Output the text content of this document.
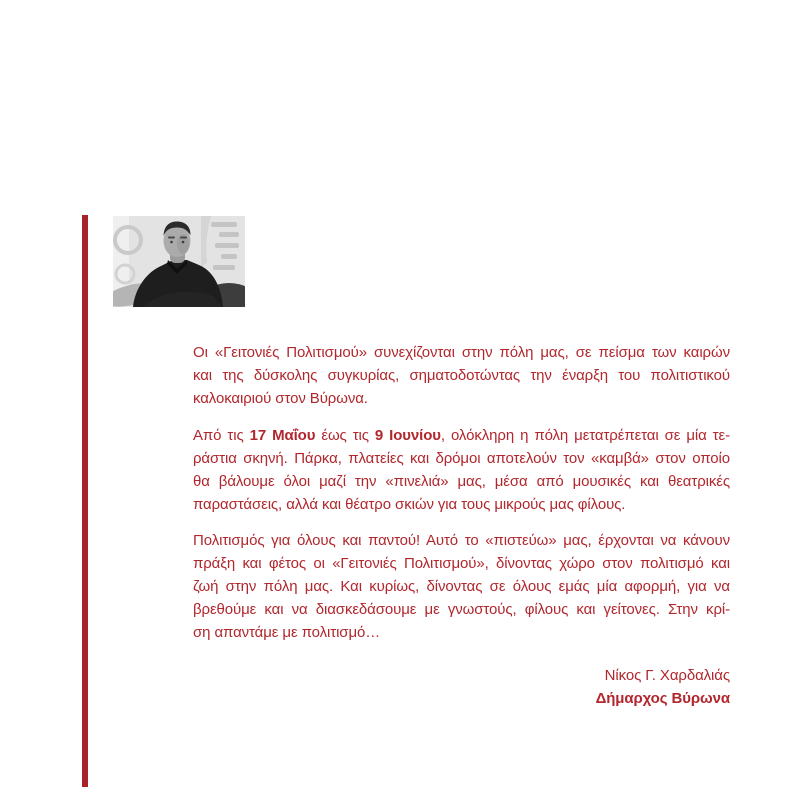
Οι «Γειτονιές Πολιτισμού» συνεχίζονται στην πόλη μας, σε πείσμα των καιρών
και της δύσκολης συγκυρίας, σηματοδοτώντας την έναρξη του πολιτιστικού
καλοκαιριού στον Βύρωνα.
Από τις 17 Μαΐου έως τις 9 Ιουνίου, ολόκληρη η πόλη μετατρέπεται σε μία τε-
ράστια σκηνή. Πάρκα, πλατείες και δρόμοι αποτελούν τον «καμβά» στον οποίο
θα βάλουμε όλοι μαζί την «πινελιά» μας, μέσα από μουσικές και θεατρικές
παραστάσεις, αλλά και θέατρο σκιών για τους μικρούς μας φίλους.
Πολιτισμός για όλους και παντού! Αυτό το «πιστεύω» μας, έρχονται να κάνουν
πράξη και φέτος οι «Γειτονιές Πολιτισμού», δίνοντας χώρο στον πολιτισμό και
ζωή στην πόλη μας. Και κυρίως, δίνοντας σε όλους εμάς μία αφορμή, για να
βρεθούμε και να διασκεδάσουμε με γνωστούς, φίλους και γείτονες. Στην κρί-
ση απαντάμε με πολιτισμό…
Νίκος Γ. Χαρδαλιάς
Δήμαρχος Βύρωνα
